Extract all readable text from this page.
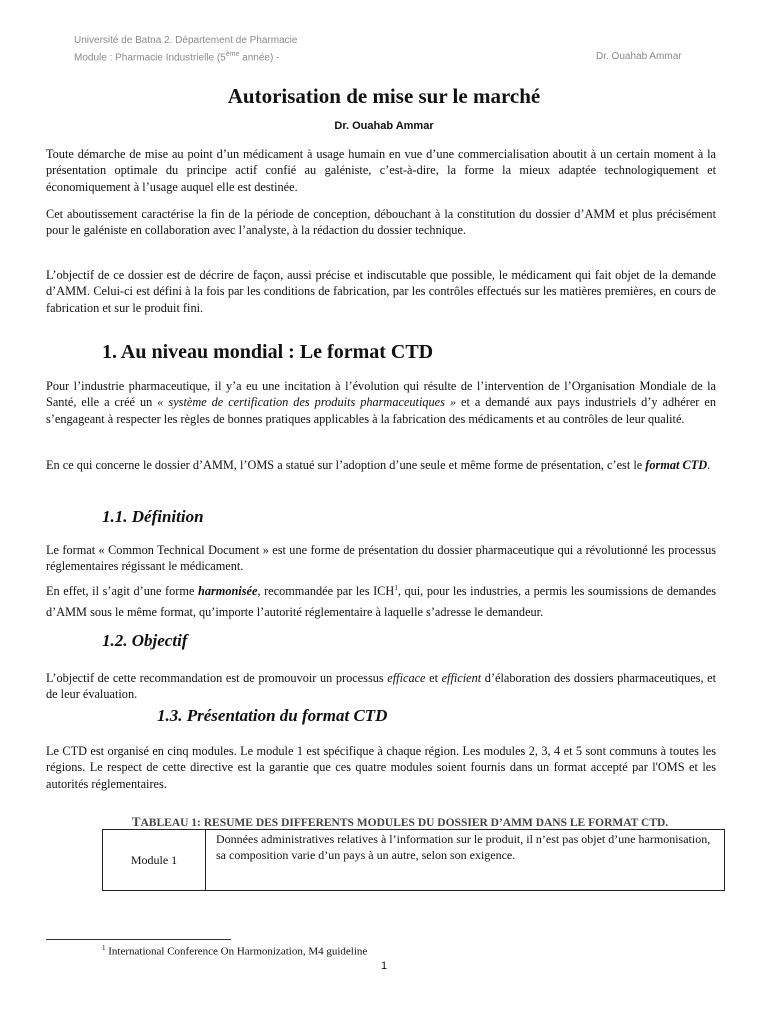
Université de Batna 2. Département de Pharmacie
Module : Pharmacie Industrielle (5ème année) -	Dr. Ouahab Ammar
Autorisation de mise sur le marché
Dr. Ouahab Ammar

Toute démarche de mise au point d’un médicament à usage humain en vue d’une commercialisation aboutit à un certain moment à la présentation optimale du principe actif confié au galéniste, c’est-à-dire, la forme la mieux adaptée technologiquement et économiquement à l’usage auquel elle est destinée.

Cet aboutissement caractérise la fin de la période de conception, débouchant à la constitution du dossier d’AMM et plus précisément pour le galéniste en collaboration avec l’analyste, à la rédaction du dossier technique.

L’objectif de ce dossier est de décrire de façon, aussi précise et indiscutable que possible, le médicament qui fait objet de la demande d’AMM. Celui-ci est défini à la fois par les conditions de fabrication, par les contrôles effectués sur les matières premières, en cours de fabrication et sur le produit fini.

1. Au niveau mondial : Le format CTD

Pour l’industrie pharmaceutique, il y’a eu une incitation à l’évolution qui résulte de l’intervention de l’Organisation Mondiale de la Santé, elle a créé un « système de certification des produits pharmaceutiques » et a demandé aux pays industriels d’y adhérer en s’engageant à respecter les règles de bonnes pratiques applicables à la fabrication des médicaments et au contrôles de leur qualité.

En ce qui concerne le dossier d’AMM, l’OMS a statué sur l’adoption d’une seule et même forme de présentation, c’est le format CTD.

1.1. Définition

Le format « Common Technical Document » est une forme de présentation du dossier pharmaceutique qui a révolutionné les processus réglementaires régissant le médicament.

En effet, il s’agit d’une forme harmonisée, recommandée par les ICH$^1$, qui, pour les industries, a permis les soumissions de demandes d’AMM sous le même format, qu’importe l’autorité réglementaire à laquelle s’adresse le demandeur.

1.2. Objectif

L’objectif de cette recommandation est de promouvoir un processus efficace et efficient d’élaboration des dossiers pharmaceutiques, et de leur évaluation.

1.3. Présentation du format CTD

Le CTD est organisé en cinq modules. Le module 1 est spécifique à chaque région. Les modules 2, 3, 4 et 5 sont communs à toutes les régions. Le respect de cette directive est la garantie que ces quatre modules soient fournis dans un format accepté par l'OMS et les autorités réglementaires.

TABLEAU 1: RESUME DES DIFFERENTS MODULES DU DOSSIER D’AMM DANS LE FORMAT CTD.
Module 1	Données administratives relatives à l’information sur le produit, il n’est pas objet d’une harmonisation, sa composition varie d’un pays à un autre, selon son exigence.
$^1$ International Conference On Harmonization, M4 guideline
1
